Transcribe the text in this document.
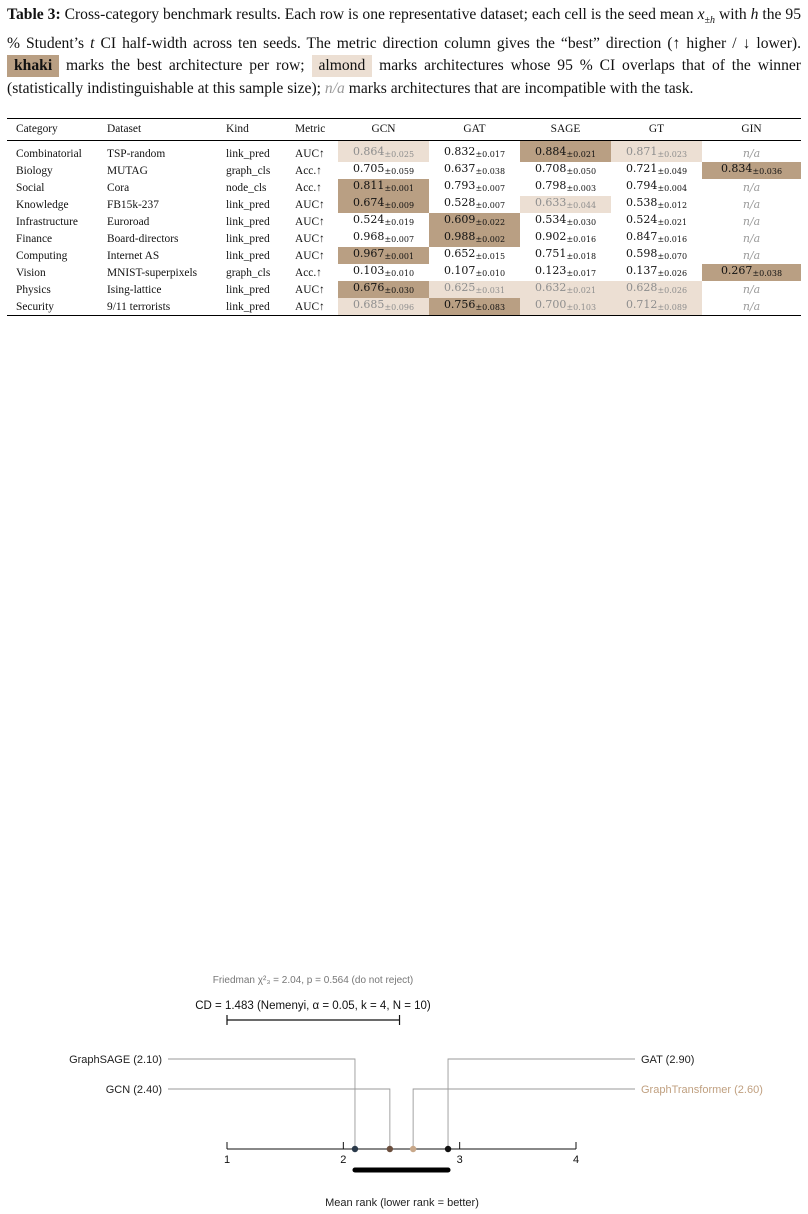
Table 3: Cross-category benchmark results. Each row is one representative dataset; each cell is the seed mean $x_{\pm h}$ with h the 95 % Student’s t CI half-width across ten seeds. The metric direction column gives the “best” direction (↑ higher / ↓ lower). khaki marks the best architecture per row; almond marks architectures whose 95 % CI overlaps that of the winner (statistically indistinguishable at this sample size); n/a marks architectures that are incompatible with the task.
Category	Dataset	Kind	Metric	GCN	GAT	SAGE	GT	GIN
Combinatorial	TSP-random	link_pred	AUC↑	$0.864_{\pm 0.025}$	$0.832_{\pm 0.017}$	$0.884_{\pm 0.021}$	$0.871_{\pm 0.023}$	n/a
Biology	MUTAG	graph_cls	Acc.↑	$0.705_{\pm 0.059}$	$0.637_{\pm 0.038}$	$0.708_{\pm 0.050}$	$0.721_{\pm 0.049}$	$0.834_{\pm 0.036}$
Social	Cora	node_cls	Acc.↑	$0.811_{\pm 0.001}$	$0.793_{\pm 0.007}$	$0.798_{\pm 0.003}$	$0.794_{\pm 0.004}$	n/a
Knowledge	FB15k-237	link_pred	AUC↑	$0.674_{\pm 0.009}$	$0.528_{\pm 0.007}$	$0.633_{\pm 0.044}$	$0.538_{\pm 0.012}$	n/a
Infrastructure	Euroroad	link_pred	AUC↑	$0.524_{\pm 0.019}$	$0.609_{\pm 0.022}$	$0.534_{\pm 0.030}$	$0.524_{\pm 0.021}$	n/a
Finance	Board-directors	link_pred	AUC↑	$0.968_{\pm 0.007}$	$0.988_{\pm 0.002}$	$0.902_{\pm 0.016}$	$0.847_{\pm 0.016}$	n/a
Computing	Internet AS	link_pred	AUC↑	$0.967_{\pm 0.001}$	$0.652_{\pm 0.015}$	$0.751_{\pm 0.018}$	$0.598_{\pm 0.070}$	n/a
Vision	MNIST-superpixels	graph_cls	Acc.↑	$0.103_{\pm 0.010}$	$0.107_{\pm 0.010}$	$0.123_{\pm 0.017}$	$0.137_{\pm 0.026}$	$0.267_{\pm 0.038}$
Physics	Ising-lattice	link_pred	AUC↑	$0.676_{\pm 0.030}$	$0.625_{\pm 0.031}$	$0.632_{\pm 0.021}$	$0.628_{\pm 0.026}$	n/a
Security	9/11 terrorists	link_pred	AUC↑	$0.685_{\pm 0.096}$	$0.756_{\pm 0.083}$	$0.700_{\pm 0.103}$	$0.712_{\pm 0.089}$	n/a
Friedman χ²₃ = 2.04, p = 0.564 (do not reject)
CD = 1.483 (Nemenyi, α = 0.05, k = 4, N = 10)
Mean rank (lower rank = better)
1	2	3	4
GraphSAGE (2.10)
GCN (2.40)
GAT (2.90)
GraphTransformer (2.60)
